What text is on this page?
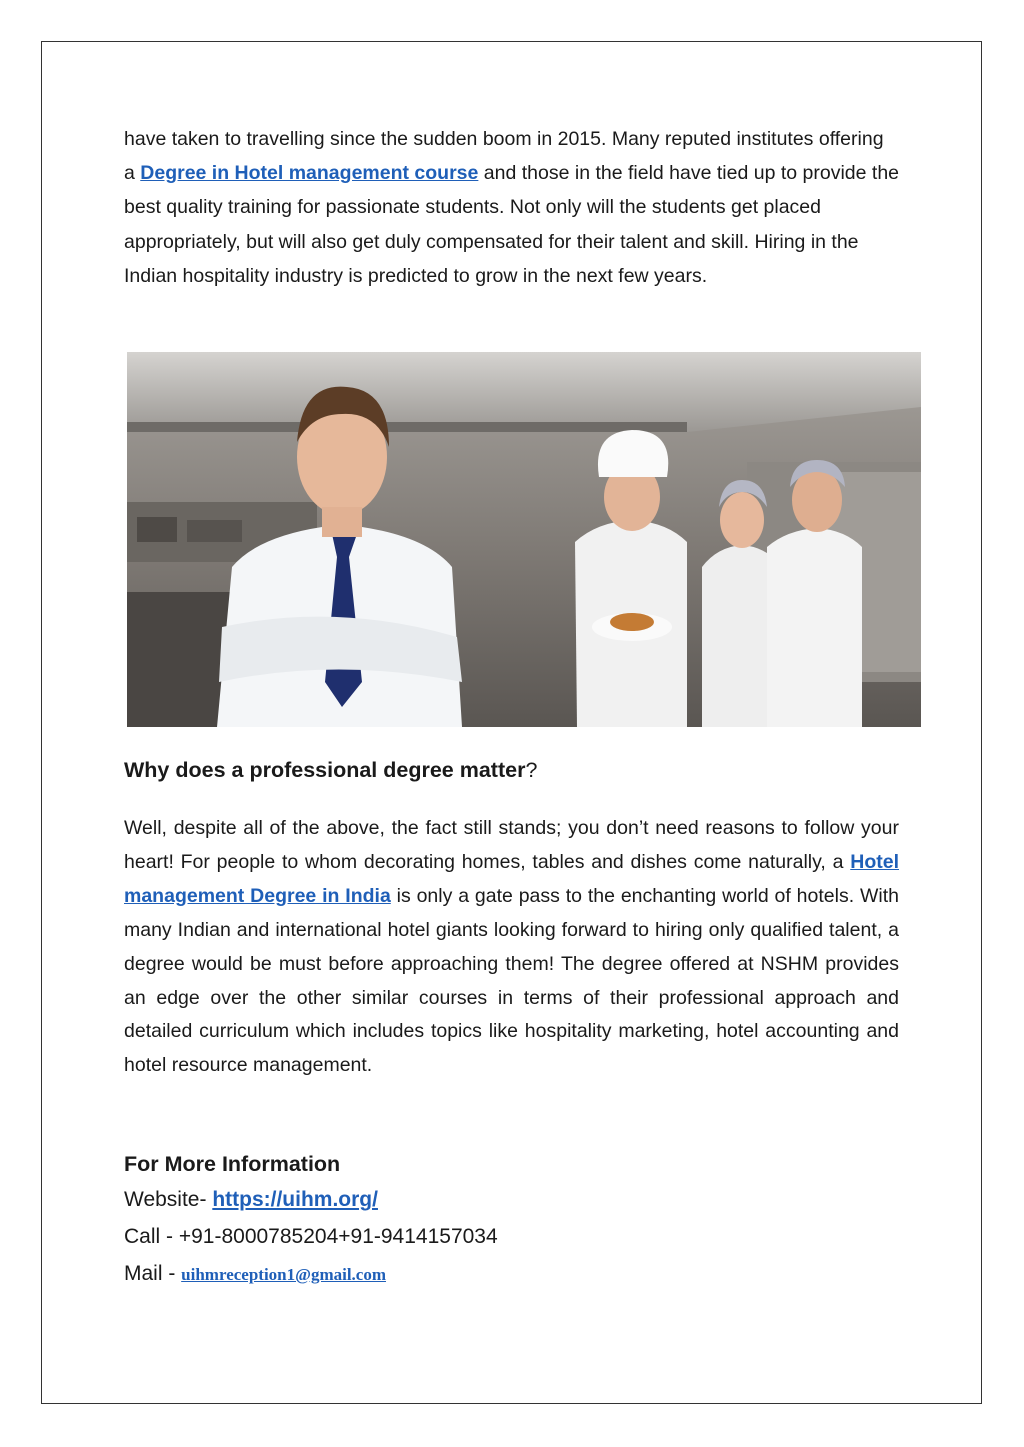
have taken to travelling since the sudden boom in 2015. Many reputed institutes offering a Degree in Hotel management course and those in the field have tied up to provide the best quality training for passionate students. Not only will the students get placed appropriately, but will also get duly compensated for their talent and skill. Hiring in the Indian hospitality industry is predicted to grow in the next few years.
Why does a professional degree matter?
Well, despite all of the above, the fact still stands; you don’t need reasons to follow your heart! For people to whom decorating homes, tables and dishes come naturally, a Hotel management Degree in India is only a gate pass to the enchanting world of hotels. With many Indian and international hotel giants looking forward to hiring only qualified talent, a degree would be must before approaching them! The degree offered at NSHM provides an edge over the other similar courses in terms of their professional approach and detailed curriculum which includes topics like hospitality marketing, hotel accounting and hotel resource management.
For More Information
Website- https://uihm.org/
Call - +91-8000785204+91-9414157034
Mail - uihmreception1@gmail.com
